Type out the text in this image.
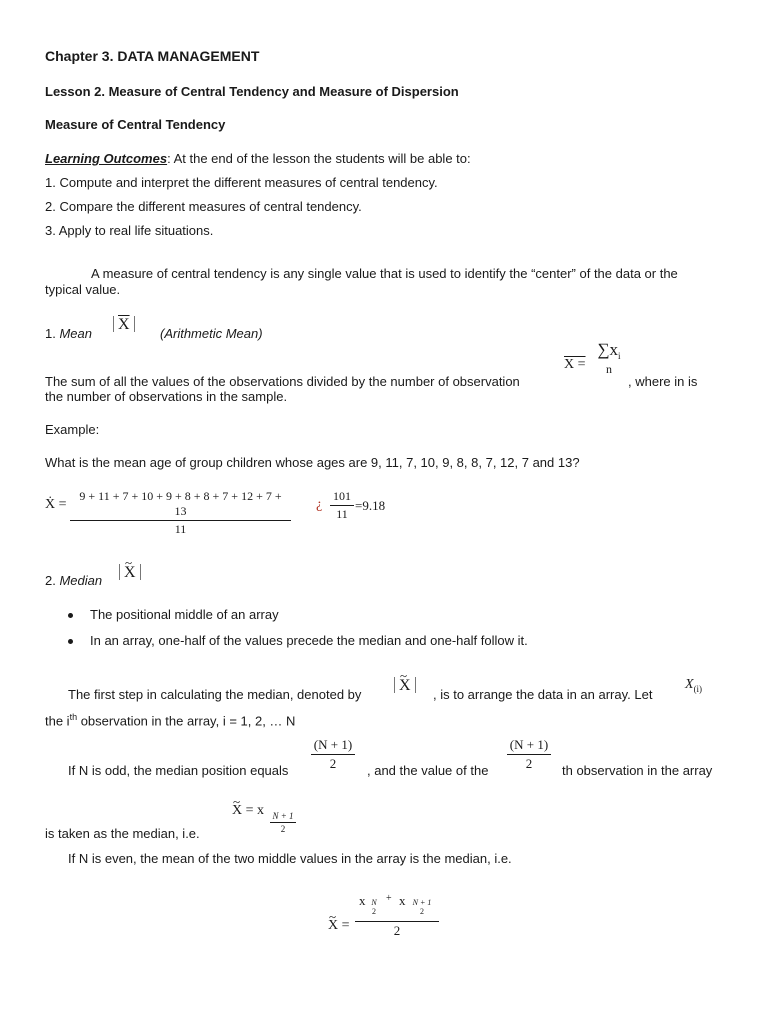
Chapter 3. DATA MANAGEMENT
Lesson 2. Measure of Central Tendency and Measure of Dispersion
Measure of Central Tendency
Learning Outcomes: At the end of the lesson the students will be able to:
1. Compute and interpret the different measures of central tendency.
2. Compare the different measures of central tendency.
3. Apply to real life situations.
A measure of central tendency is any single value that is used to identify the “center” of the data or the
typical value.
1. Mean
$\overline{X}$
(Arithmetic Mean)
X =
$\sum x_i$
n
The sum of all the values of the observations divided by the number of observation	, where in is
the number of observations in the sample.
Example:
What is the mean age of group children whose ages are 9, 11, 7, 10, 9, 8, 8, 7, 12, 7 and 13?
Ẋ =
9 + 11 + 7 + 10 + 9 + 8 + 8 + 7 + 12 + 7 + 13
11
¿
101
11
=9.18
2. Median	~ X
The positional middle of an array
In an array, one-half of the values precede the median and one-half follow it.
The first step in calculating the median, denoted by
~ X
, is to arrange the data in an array. Let
$X_{(i)}$
the $i^{th}$ observation in the array, i = 1, 2, … N
(N + 1)
2
(N + 1)
2
If N is odd, the median position equals	, and the value of the	th observation in the array
~ X = x N + 1
2
is taken as the median, i.e.
If N is even, the mean of the two middle values in the array is the median, i.e.
~ X =
x N
2
+ x N + 1
2
2
